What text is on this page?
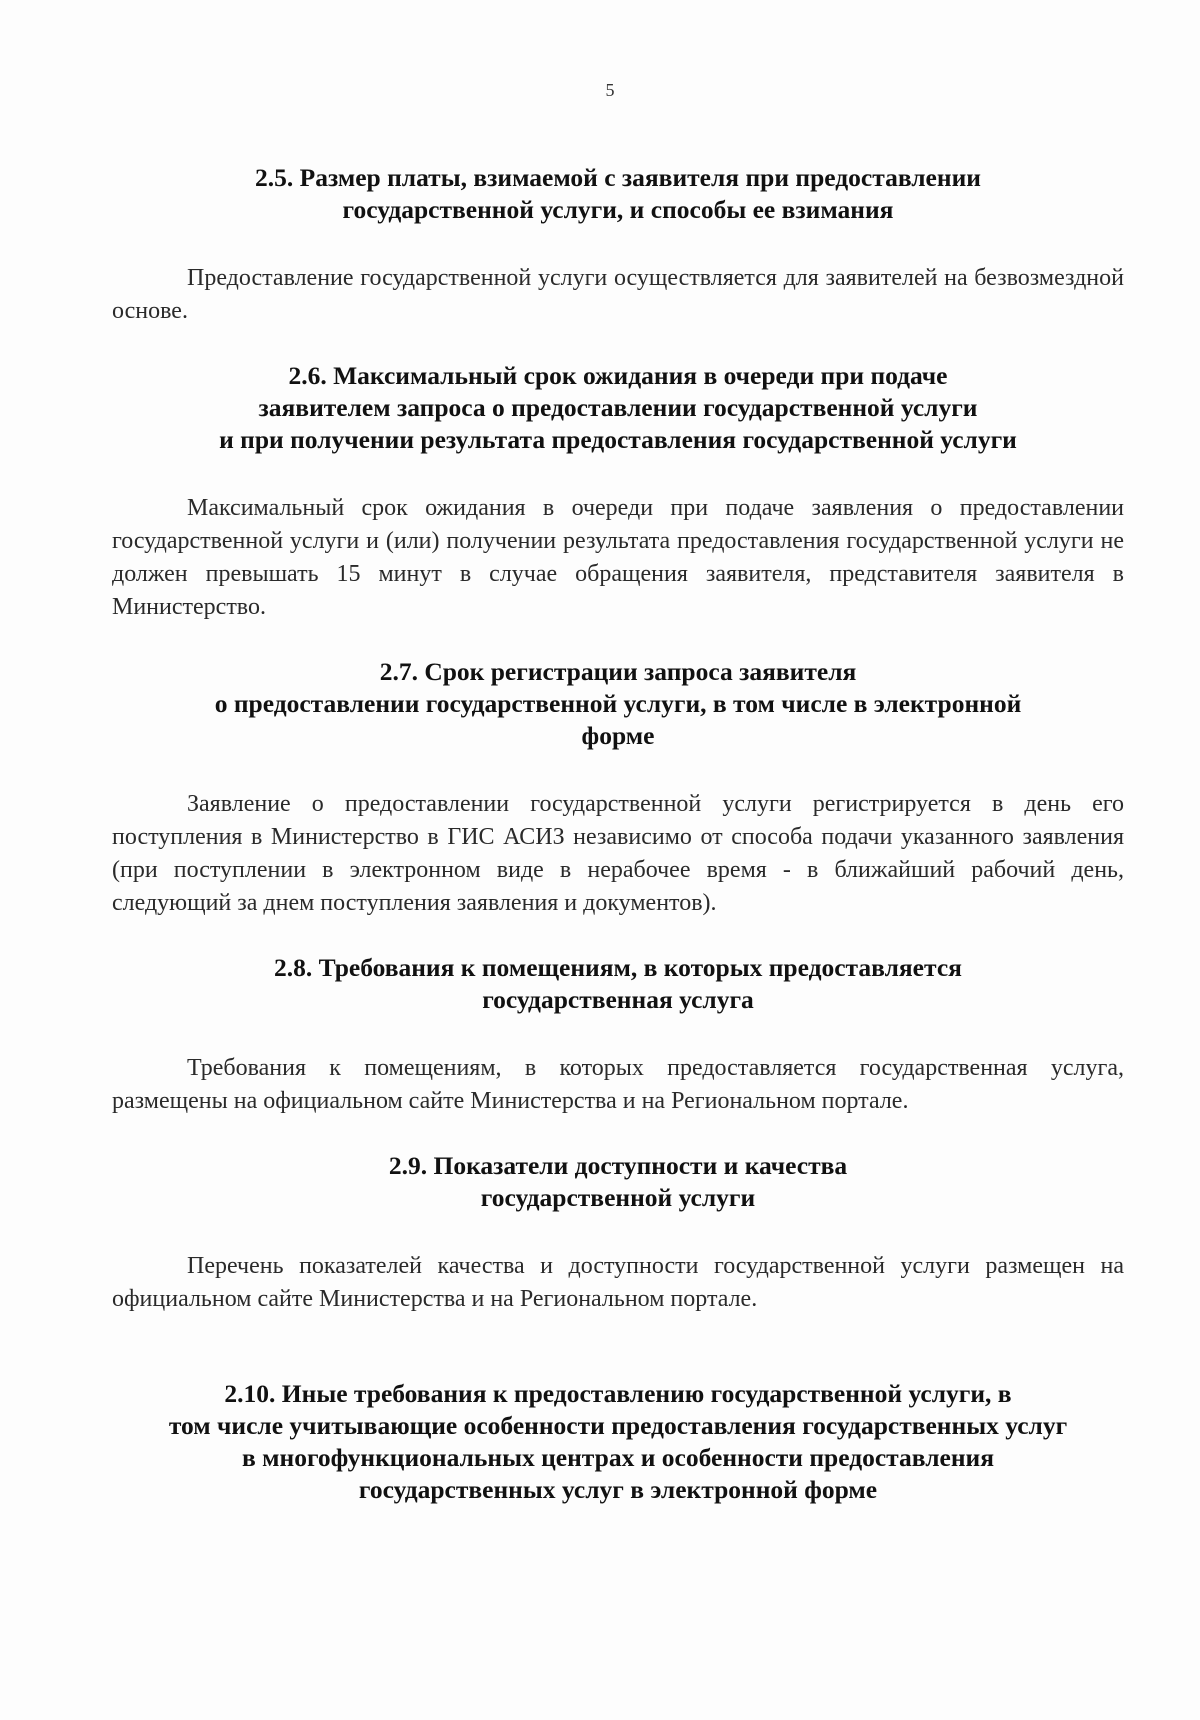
5
2.5. Размер платы, взимаемой с заявителя при предоставлении
государственной услуги, и способы ее взимания

Предоставление государственной услуги осуществляется для заявителей на безвозмездной основе.

2.6. Максимальный срок ожидания в очереди при подаче
заявителем запроса о предоставлении государственной услуги
и при получении результата предоставления государственной услуги

Максимальный срок ожидания в очереди при подаче заявления о предоставлении государственной услуги и (или) получении результата предоставления государственной услуги не должен превышать 15 минут в случае обращения заявителя, представителя заявителя в Министерство.

2.7. Срок регистрации запроса заявителя
о предоставлении государственной услуги, в том числе в электронной
форме

Заявление о предоставлении государственной услуги регистрируется в день его поступления в Министерство в ГИС АСИЗ независимо от способа подачи указанного заявления (при поступлении в электронном виде в нерабочее время - в ближайший рабочий день, следующий за днем поступления заявления и документов).

2.8. Требования к помещениям, в которых предоставляется
государственная услуга

Требования к помещениям, в которых предоставляется государственная услуга, размещены на официальном сайте Министерства и на Региональном портале.

2.9. Показатели доступности и качества
государственной услуги

Перечень показателей качества и доступности государственной услуги размещен на официальном сайте Министерства и на Региональном портале.

2.10. Иные требования к предоставлению государственной услуги, в
том числе учитывающие особенности предоставления государственных услуг
в многофункциональных центрах и особенности предоставления
государственных услуг в электронной форме
